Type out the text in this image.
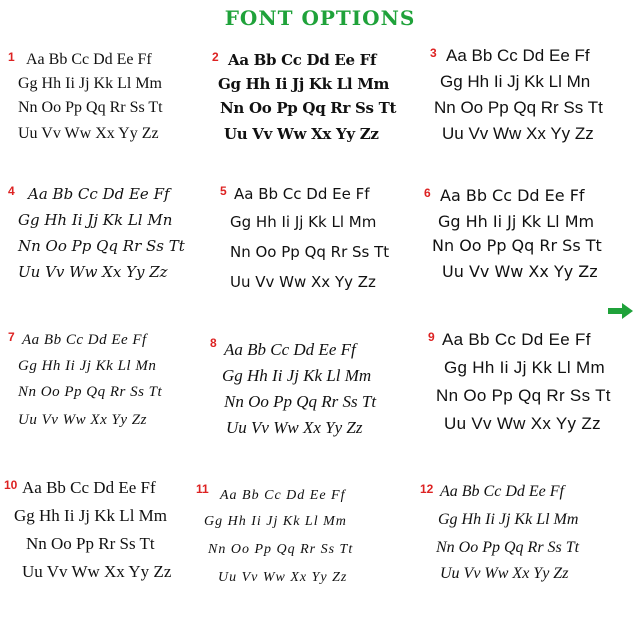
FONT OPTIONS
1 Aa Bb Cc Dd Ee Ff
Gg Hh Ii Jj Kk Ll Mm
Nn Oo Pp Qq Rr Ss Tt
Uu Vv Ww Xx Yy Zz
2 Aa Bb Cc Dd Ee Ff
Gg Hh Ii Jj Kk Ll Mm
Nn Oo Pp Qq Rr Ss Tt
Uu Vv Ww Xx Yy Zz
3 Aa Bb Cc Dd Ee Ff
Gg Hh Ii Jj Kk Ll Mn
Nn Oo Pp Qq Rr Ss Tt
Uu Vv Ww Xx Yy Zz
4 Aa Bb Cc Dd Ee Ff
Gg Hh Ii Jj Kk Ll Mn
Nn Oo Pp Qq Rr Ss Tt
Uu Vv Ww Xx Yy Zz
5 Aa Bb Cc Dd Ee Ff
Gg Hh Ii Jj Kk Ll Mm
Nn Oo Pp Qq Rr Ss Tt
Uu Vv Ww Xx Yy Zz
6 Aa Bb Cc Dd Ee Ff
Gg Hh Ii Jj Kk Ll Mm
Nn Oo Pp Qq Rr Ss Tt
Uu Vv Ww Xx Yy Zz
7 Aa Bb Cc Dd Ee Ff
Gg Hh Ii Jj Kk Ll Mn
Nn Oo Pp Qq Rr Ss Tt
Uu Vv Ww Xx Yy Zz
8 Aa Bb Cc Dd Ee Ff
Gg Hh Ii Jj Kk Ll Mm
Nn Oo Pp Qq Rr Ss Tt
Uu Vv Ww Xx Yy Zz
9 Aa Bb Cc Dd Ee Ff
Gg Hh Ii Jj Kk Ll Mm
Nn Oo Pp Qq Rr Ss Tt
Uu Vv Ww Xx Yy Zz
10 Aa Bb Cc Dd Ee Ff
Gg Hh Ii Jj Kk Ll Mm
Nn Oo Pp Rr Ss Tt
Uu Vv Ww Xx Yy Zz
11 Aa Bb Cc Dd Ee Ff
Gg Hh Ii Jj Kk Ll Mm
Nn Oo Pp Qq Rr Ss Tt
Uu Vv Ww Xx Yy Zz
12 Aa Bb Cc Dd Ee Ff
Gg Hh Ii Jj Kk Ll Mm
Nn Oo Pp Qq Rr Ss Tt
Uu Vv Ww Xx Yy Zz
